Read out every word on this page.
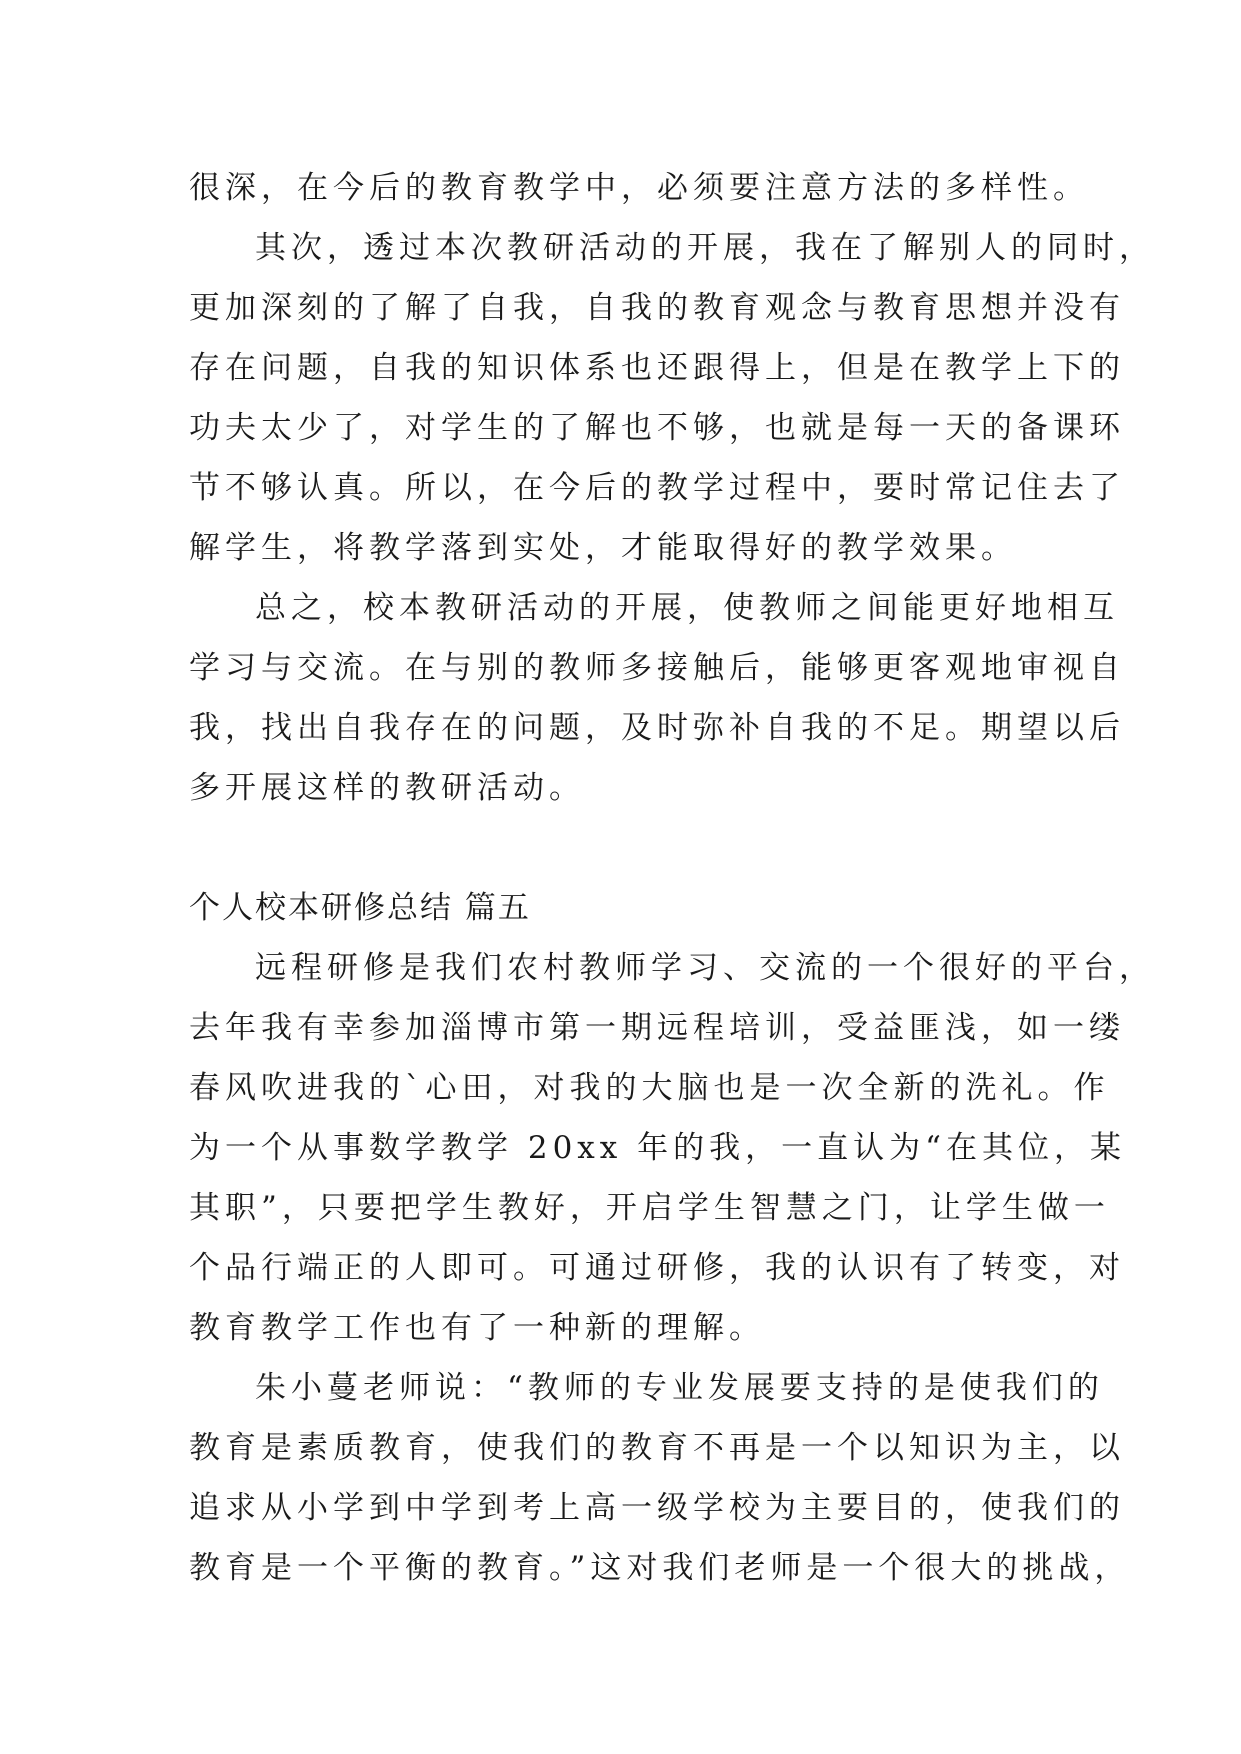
很深，在今后的教育教学中，必须要注意方法的多样性。
其次，透过本次教研活动的开展，我在了解别人的同时，
更加深刻的了解了自我，自我的教育观念与教育思想并没有
存在问题，自我的知识体系也还跟得上，但是在教学上下的
功夫太少了，对学生的了解也不够，也就是每一天的备课环
节不够认真。所以，在今后的教学过程中，要时常记住去了
解学生，将教学落到实处，才能取得好的教学效果。
总之，校本教研活动的开展，使教师之间能更好地相互
学习与交流。在与别的教师多接触后，能够更客观地审视自
我，找出自我存在的问题，及时弥补自我的不足。期望以后
多开展这样的教研活动。
个人校本研修总结 篇五
远程研修是我们农村教师学习、交流的一个很好的平台，
去年我有幸参加淄博市第一期远程培训，受益匪浅，如一缕
春风吹进我的`心田，对我的大脑也是一次全新的洗礼。作
为一个从事数学教学 20xx 年的我，一直认为“在其位，某
其职”，只要把学生教好，开启学生智慧之门，让学生做一
个品行端正的人即可。可通过研修，我的认识有了转变，对
教育教学工作也有了一种新的理解。
朱小蔓老师说：“教师的专业发展要支持的是使我们的
教育是素质教育，使我们的教育不再是一个以知识为主，以
追求从小学到中学到考上高一级学校为主要目的，使我们的
教育是一个平衡的教育。”这对我们老师是一个很大的挑战，
